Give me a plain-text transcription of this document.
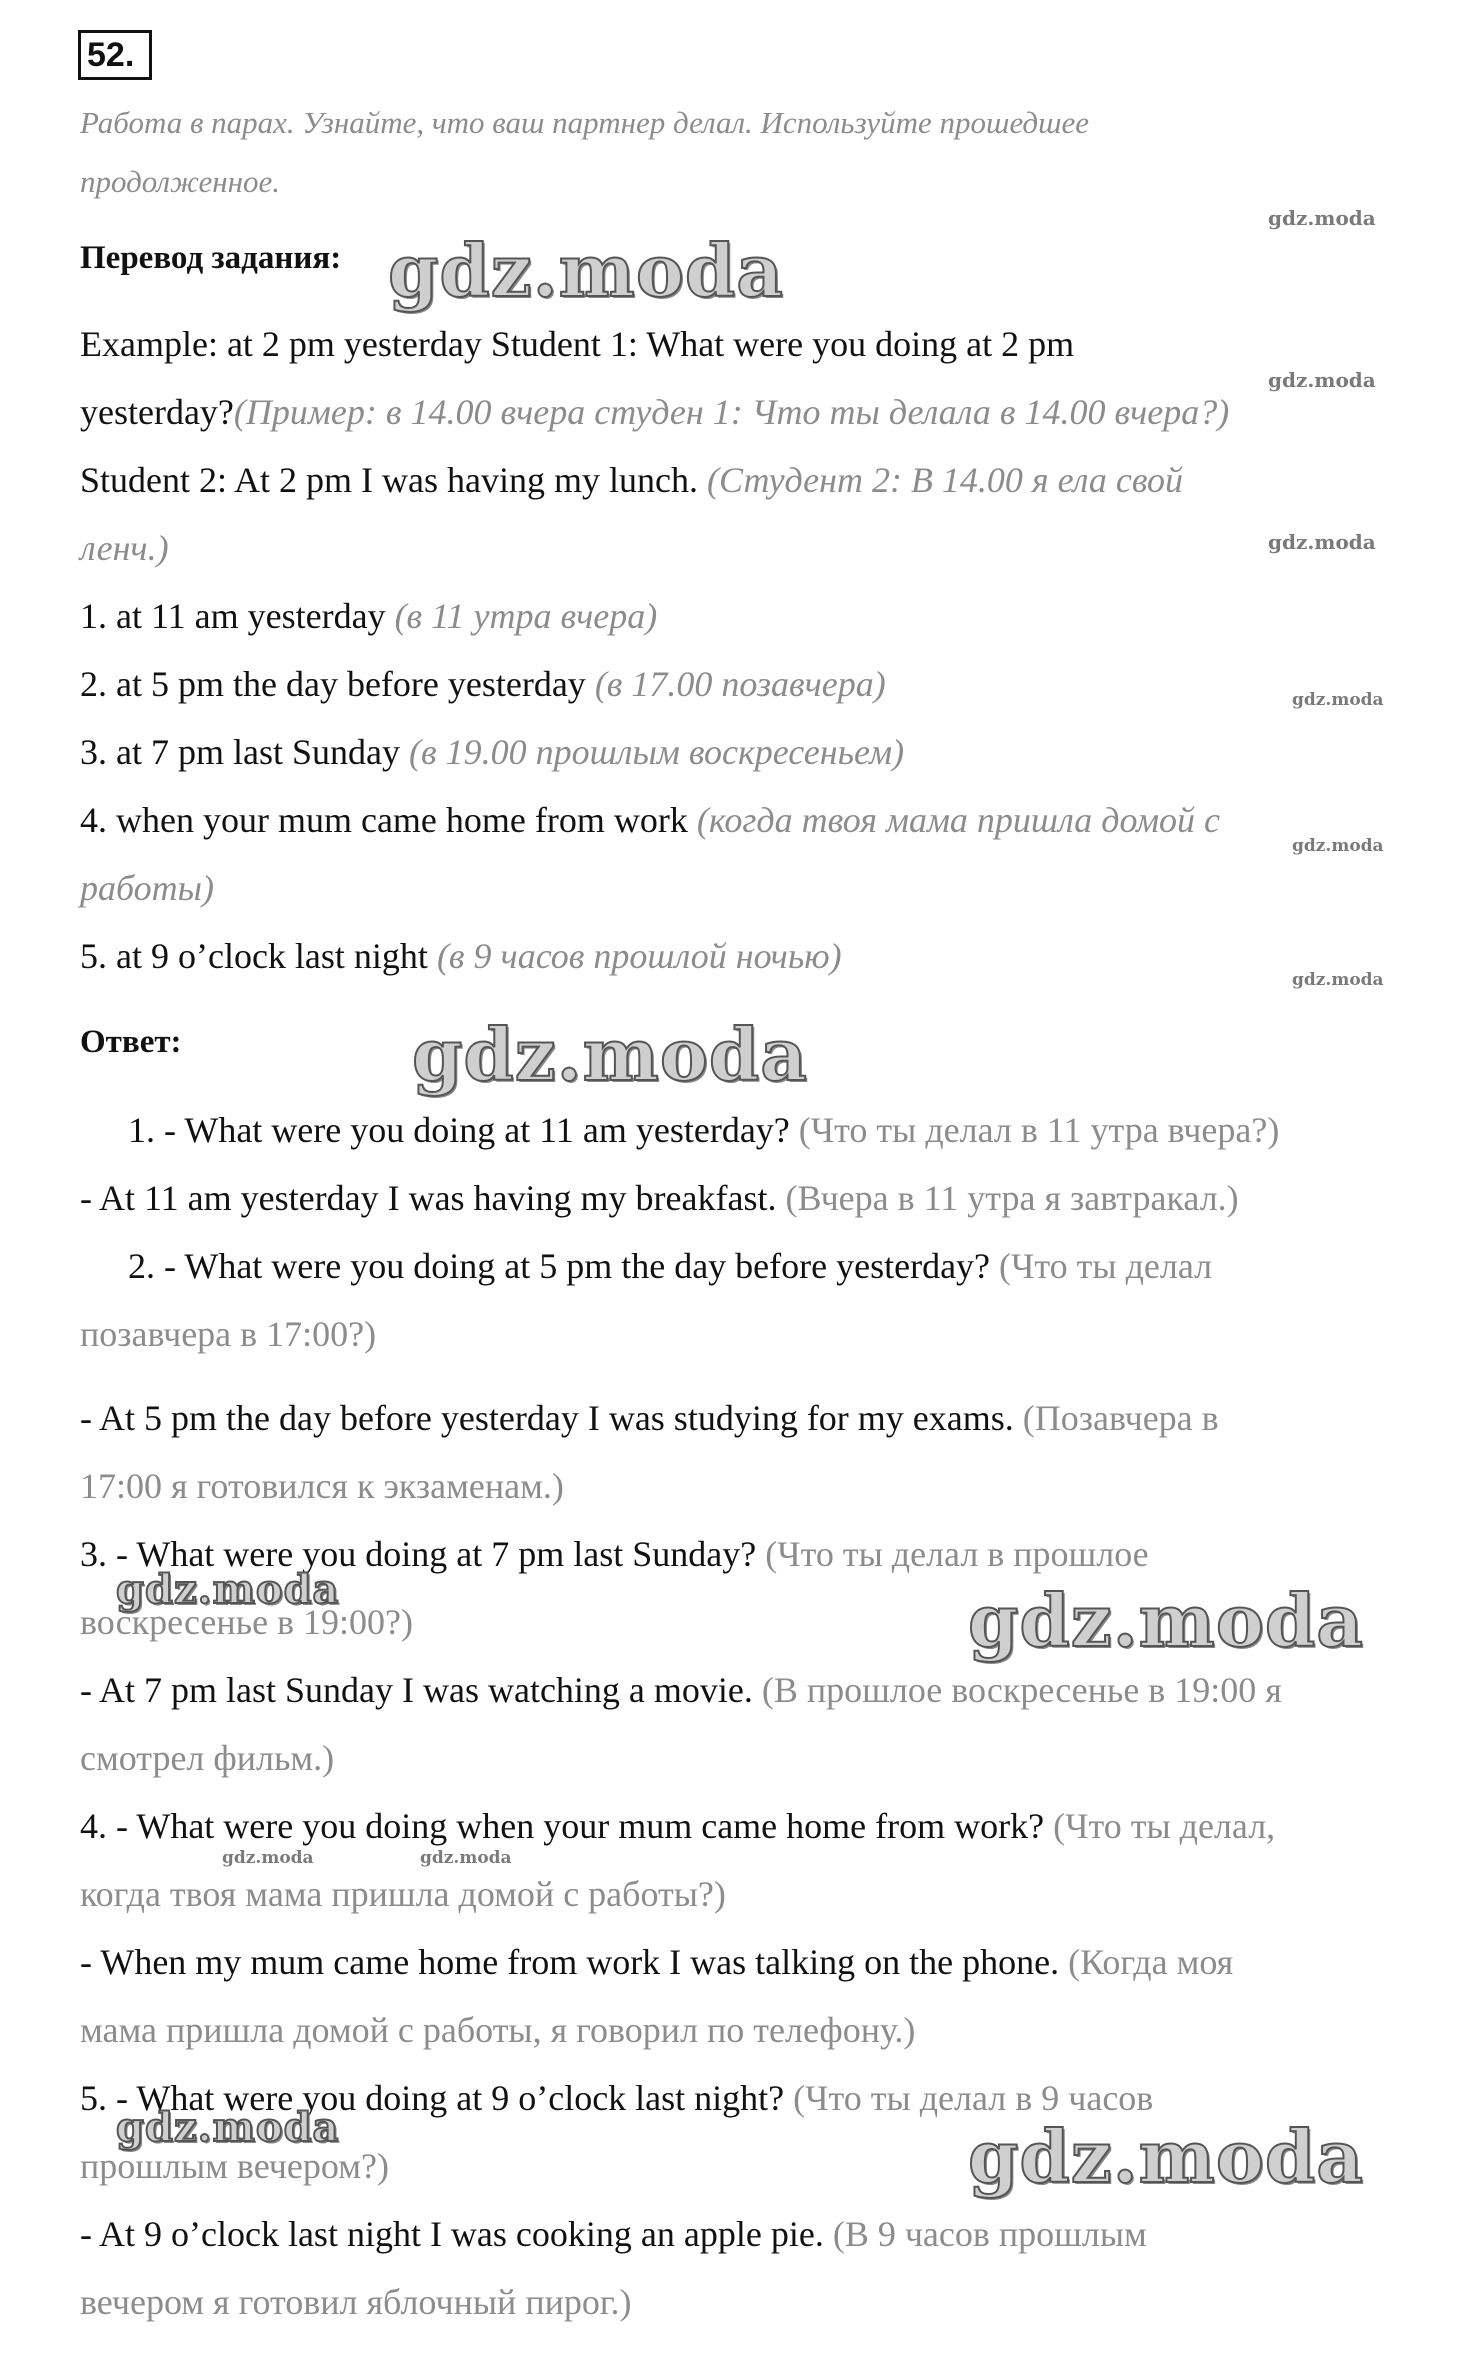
52.
Работа в парах. Узнайте, что ваш партнер делал. Используйте прошедшее
продолженное.
Перевод задания:
Example: at 2 pm yesterday Student 1: What were you doing at 2 pm
yesterday?(Пример: в 14.00 вчера студен 1: Что ты делала в 14.00 вчера?)
Student 2: At 2 pm I was having my lunch. (Студент 2: В 14.00 я ела свой
ленч.)
1. at 11 am yesterday (в 11 утра вчера)
2. at 5 pm the day before yesterday (в 17.00 позавчера)
3. at 7 pm last Sunday (в 19.00 прошлым воскресеньем)
4. when your mum came home from work (когда твоя мама пришла домой с
работы)
5. at 9 o’clock last night (в 9 часов прошлой ночью)
Ответ:
1. - What were you doing at 11 am yesterday? (Что ты делал в 11 утра вчера?)
- At 11 am yesterday I was having my breakfast. (Вчера в 11 утра я завтракал.)
2. - What were you doing at 5 pm the day before yesterday? (Что ты делал
позавчера в 17:00?)
- At 5 pm the day before yesterday I was studying for my exams. (Позавчера в
17:00 я готовился к экзаменам.)
3. - What were you doing at 7 pm last Sunday? (Что ты делал в прошлое
воскресенье в 19:00?)
- At 7 pm last Sunday I was watching a movie. (В прошлое воскресенье в 19:00 я
смотрел фильм.)
4. - What were you doing when your mum came home from work? (Что ты делал,
когда твоя мама пришла домой с работы?)
- When my mum came home from work I was talking on the phone. (Когда моя
мама пришла домой с работы, я говорил по телефону.)
5. - What were you doing at 9 o’clock last night? (Что ты делал в 9 часов
прошлым вечером?)
- At 9 o’clock last night I was cooking an apple pie. (В 9 часов прошлым
вечером я готовил яблочный пирог.)
gdz.moda
gdz.moda
gdz.moda
gdz.moda
gdz.moda
gdz.moda
gdz.moda
gdz.moda
gdz.moda
gdz.moda
gdz.moda
gdz.moda
gdz.moda	gdz.moda
